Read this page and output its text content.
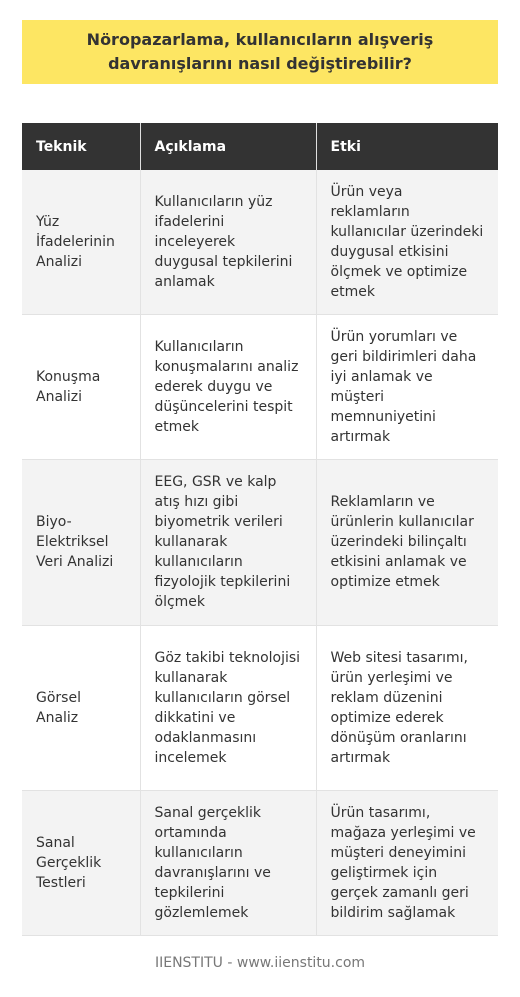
Nöropazarlama, kullanıcıların alışveriş davranışlarını nasıl değiştirebilir?
Teknik	Açıklama	Etki
Yüz İfadelerinin Analizi	Kullanıcıların yüz ifadelerini inceleyerek duygusal tepkilerini anlamak	Ürün veya reklamların kullanıcılar üzerindeki duygusal etkisini ölçmek ve optimize etmek
Konuşma Analizi	Kullanıcıların konuşmalarını analiz ederek duygu ve düşüncelerini tespit etmek	Ürün yorumları ve geri bildirimleri daha iyi anlamak ve müşteri memnuniyetini artırmak
Biyo-Elektriksel Veri Analizi	EEG, GSR ve kalp atış hızı gibi biyometrik verileri kullanarak kullanıcıların fizyolojik tepkilerini ölçmek	Reklamların ve ürünlerin kullanıcılar üzerindeki bilinçaltı etkisini anlamak ve optimize etmek
Görsel Analiz	Göz takibi teknolojisi kullanarak kullanıcıların görsel dikkatini ve odaklanmasını incelemek	Web sitesi tasarımı, ürün yerleşimi ve reklam düzenini optimize ederek dönüşüm oranlarını artırmak
Sanal Gerçeklik Testleri	Sanal gerçeklik ortamında kullanıcıların davranışlarını ve tepkilerini gözlemlemek	Ürün tasarımı, mağaza yerleşimi ve müşteri deneyimini geliştirmek için gerçek zamanlı geri bildirim sağlamak
IIENSTITU - www.iienstitu.com
